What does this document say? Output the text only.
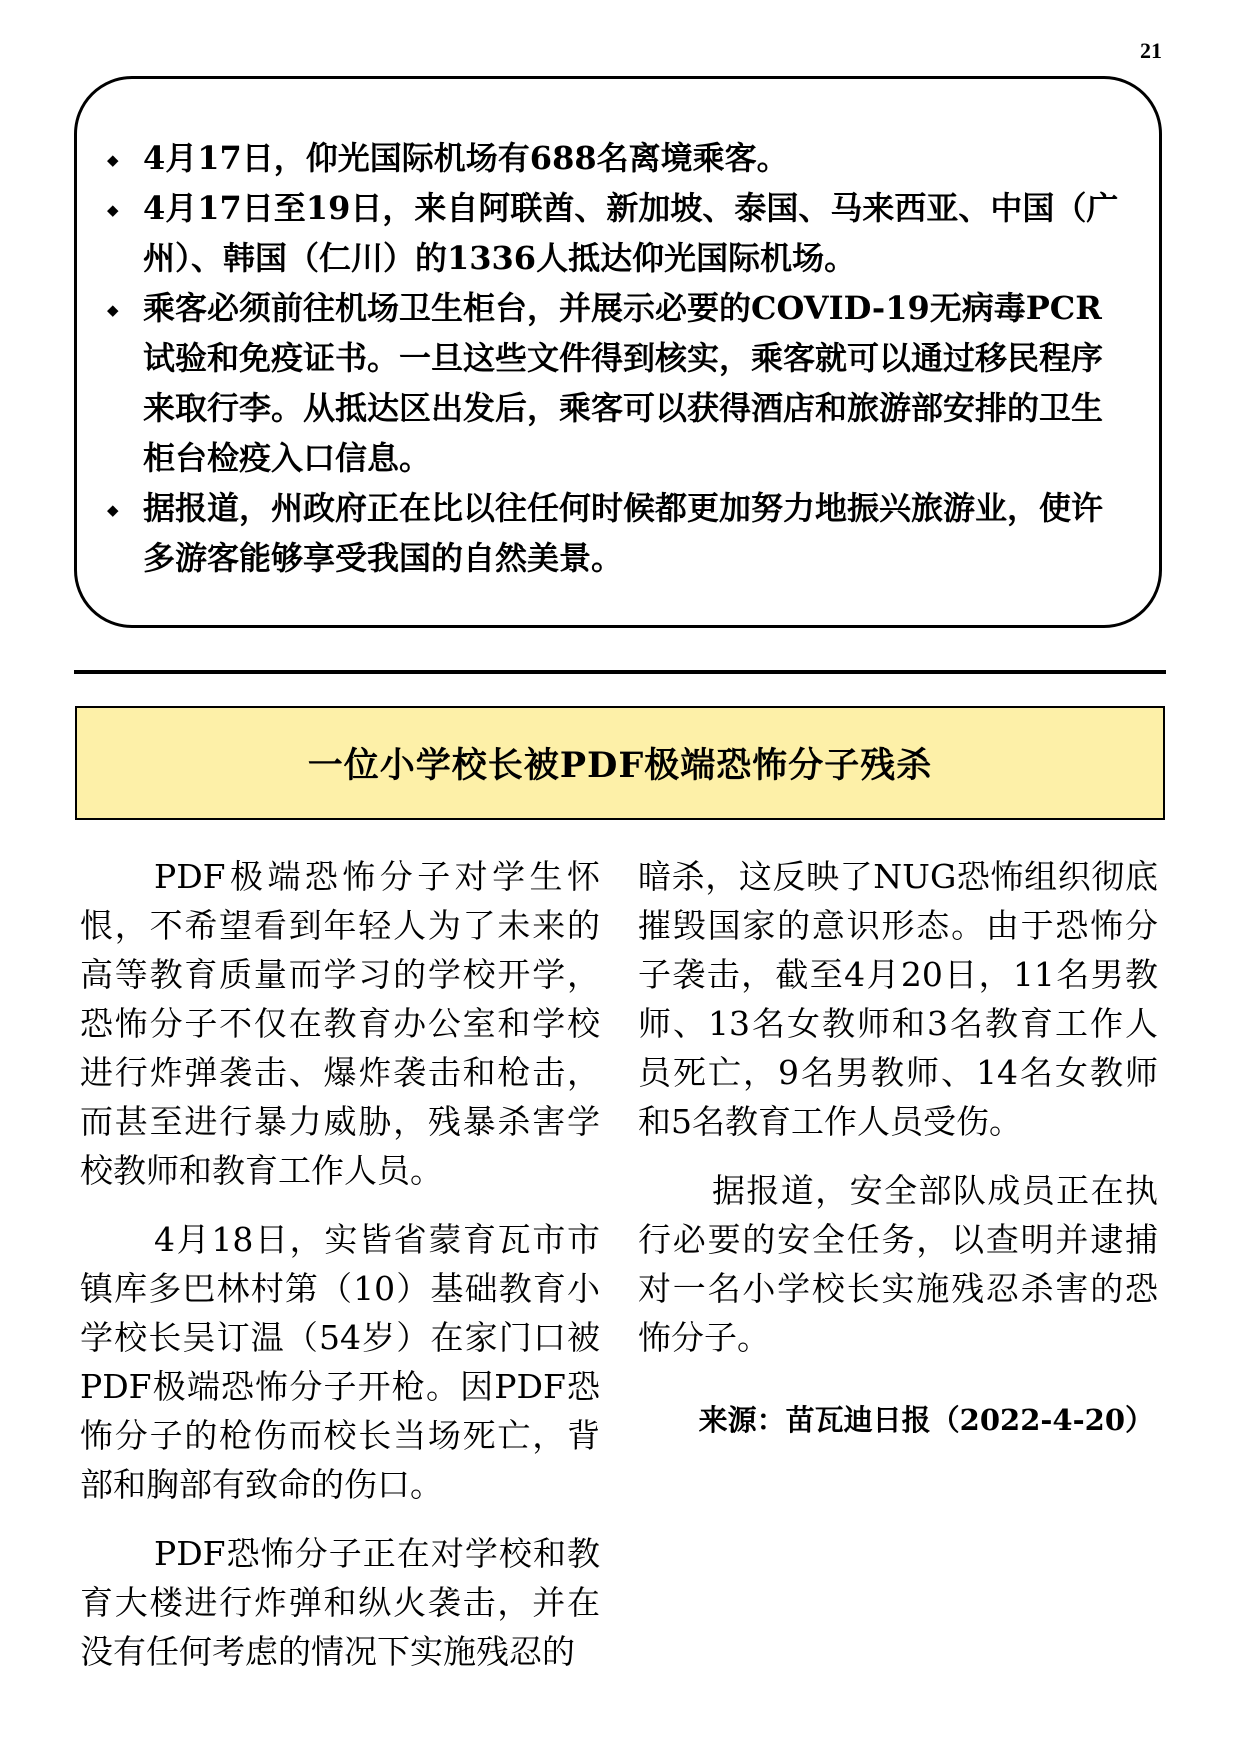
21
◆ 4月17日，仰光国际机场有688名离境乘客。
◆ 4月17日至19日，来自阿联酋、新加坡、泰国、马来西亚、中国（广州）、韩国（仁川）的1336人抵达仰光国际机场。
◆ 乘客必须前往机场卫生柜台，并展示必要的COVID-19无病毒PCR试验和免疫证书。一旦这些文件得到核实，乘客就可以通过移民程序来取行李。从抵达区出发后，乘客可以获得酒店和旅游部安排的卫生柜台检疫入口信息。
◆ 据报道，州政府正在比以往任何时候都更加努力地振兴旅游业，使许多游客能够享受我国的自然美景。
一位小学校长被PDF极端恐怖分子残杀

PDF极端恐怖分子对学生怀恨，不希望看到年轻人为了未来的高等教育质量而学习的学校开学，恐怖分子不仅在教育办公室和学校进行炸弹袭击、爆炸袭击和枪击，而甚至进行暴力威胁，残暴杀害学校教师和教育工作人员。

4月18日，实皆省蒙育瓦市市镇库多巴林村第（10）基础教育小学校长吴订温（54岁）在家门口被PDF极端恐怖分子开枪。因PDF恐怖分子的枪伤而校长当场死亡，背部和胸部有致命的伤口。

PDF恐怖分子正在对学校和教育大楼进行炸弹和纵火袭击，并在没有任何考虑的情况下实施残忍的

暗杀，这反映了NUG恐怖组织彻底摧毁国家的意识形态。由于恐怖分子袭击，截至4月20日，11名男教师、13名女教师和3名教育工作人员死亡，9名男教师、14名女教师和5名教育工作人员受伤。

据报道，安全部队成员正在执行必要的安全任务，以查明并逮捕对一名小学校长实施残忍杀害的恐怖分子。

来源：苗瓦迪日报（2022-4-20）
